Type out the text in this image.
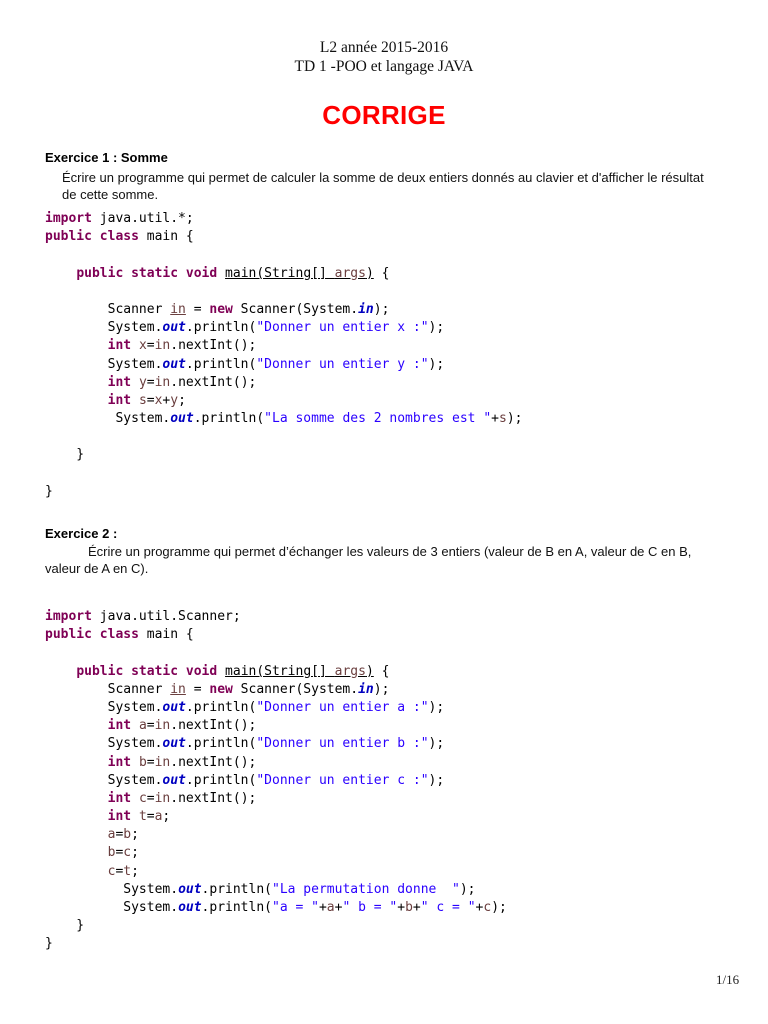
L2 année 2015-2016
TD 1 -POO et langage JAVA
CORRIGE
Exercice 1 : Somme
Écrire un programme qui permet de calculer la somme de deux entiers donnés au clavier et d'afficher le résultat
de cette somme.
import java.util.*;
public class main {

public static void main(String[] args) {

Scanner in = new Scanner(System.in);
System.out.println("Donner un entier x :");
int x=in.nextInt();
System.out.println("Donner un entier y :");
int y=in.nextInt();
int s=x+y;
System.out.println("La somme des 2 nombres est "+s);

}

}
Exercice 2 :
Écrire un programme qui permet d’échanger les valeurs de 3 entiers (valeur de B en A, valeur de C en B,
valeur de A en C).
import java.util.Scanner;
public class main {

public static void main(String[] args) {
Scanner in = new Scanner(System.in);
System.out.println("Donner un entier a :");
int a=in.nextInt();
System.out.println("Donner un entier b :");
int b=in.nextInt();
System.out.println("Donner un entier c :");
int c=in.nextInt();
int t=a;
a=b;
b=c;
c=t;
System.out.println("La permutation donne  ");
System.out.println("a = "+a+" b = "+b+" c = "+c);
}
}
1/16
